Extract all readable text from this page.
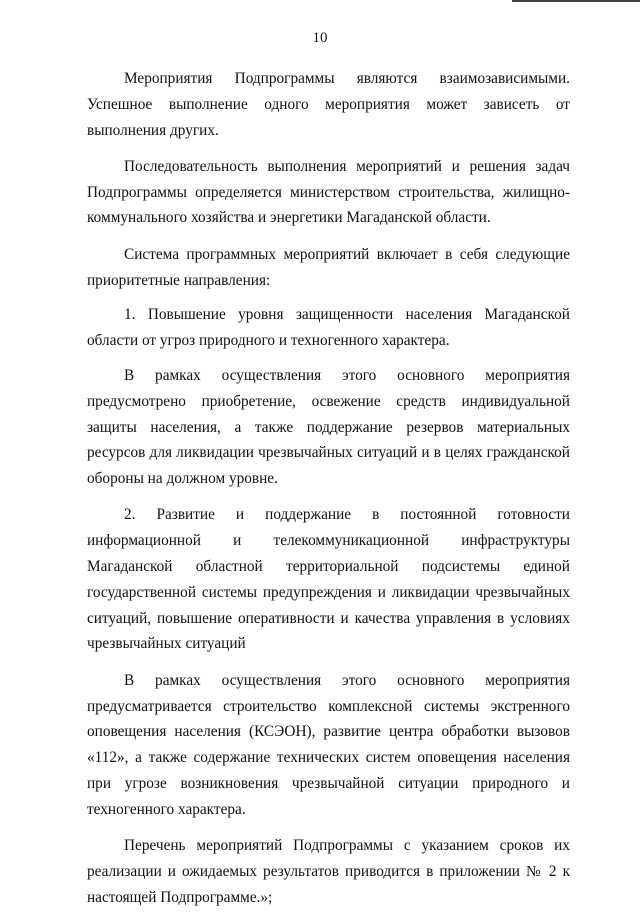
10

Мероприятия Подпрограммы являются взаимозависимыми. Успешное выполнение одного мероприятия может зависеть от выполнения других.

Последовательность выполнения мероприятий и решения задач Подпрограммы определяется министерством строительства, жилищно-коммунального хозяйства и энергетики Магаданской области.

Система программных мероприятий включает в себя следующие приоритетные направления:

1. Повышение уровня защищенности населения Магаданской области от угроз природного и техногенного характера.

В рамках осуществления этого основного мероприятия предусмотрено приобретение, освежение средств индивидуальной защиты населения, а также поддержание резервов материальных ресурсов для ликвидации чрезвычайных ситуаций и в целях гражданской обороны на должном уровне.

2. Развитие и поддержание в постоянной готовности информационной и телекоммуникационной инфраструктуры Магаданской областной территориальной подсистемы единой государственной системы предупреждения и ликвидации чрезвычайных ситуаций, повышение оперативности и качества управления в условиях чрезвычайных ситуаций

В рамках осуществления этого основного мероприятия предусматривается строительство комплексной системы экстренного оповещения населения (КСЭОН), развитие центра обработки вызовов «112», а также содержание технических систем оповещения населения при угрозе возникновения чрезвычайной ситуации природного и техногенного характера.

Перечень мероприятий Подпрограммы с указанием сроков их реализации и ожидаемых результатов приводится в приложении № 2 к настоящей Подпрограмме.»;
